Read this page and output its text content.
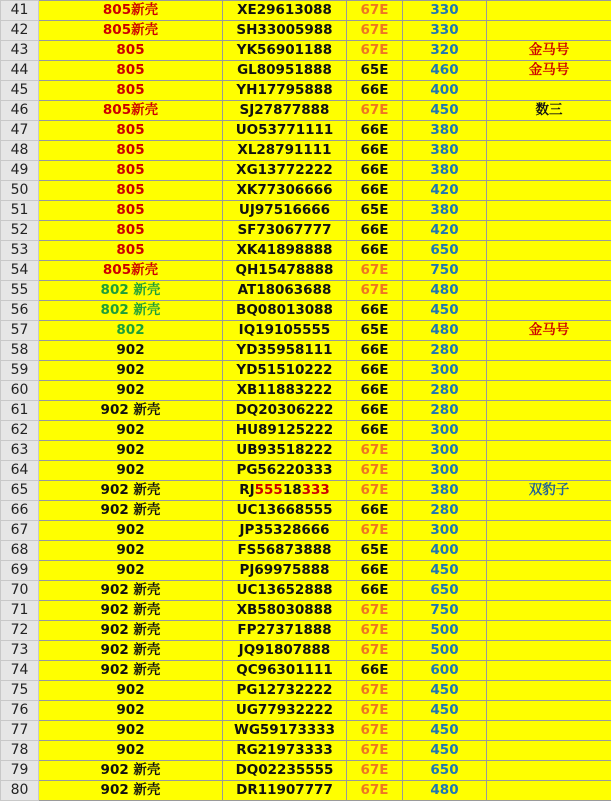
41	805新壳	XE29613088	67E	330	
42	805新壳	SH33005988	67E	330	
43	805	YK56901188	67E	320	金马号
44	805	GL80951888	65E	460	金马号
45	805	YH17795888	66E	400	
46	805新壳	SJ27877888	67E	450	数三
47	805	UO53771111	66E	380	
48	805	XL28791111	66E	380	
49	805	XG13772222	66E	380	
50	805	XK77306666	66E	420	
51	805	UJ97516666	65E	380	
52	805	SF73067777	66E	420	
53	805	XK41898888	66E	650	
54	805新壳	QH15478888	67E	750	
55	802 新壳	AT18063688	67E	480	
56	802 新壳	BQ08013088	66E	450	
57	802	IQ19105555	65E	480	金马号
58	902	YD35958111	66E	280	
59	902	YD51510222	66E	300	
60	902	XB11883222	66E	280	
61	902 新壳	DQ20306222	66E	280	
62	902	HU89125222	66E	300	
63	902	UB93518222	67E	300	
64	902	PG56220333	67E	300	
65	902 新壳	RJ55518333	67E	380	双豹子
66	902 新壳	UC13668555	66E	280	
67	902	JP35328666	67E	300	
68	902	FS56873888	65E	400	
69	902	PJ69975888	66E	450	
70	902 新壳	UC13652888	66E	650	
71	902 新壳	XB58030888	67E	750	
72	902 新壳	FP27371888	67E	500	
73	902 新壳	JQ91807888	67E	500	
74	902 新壳	QC96301111	66E	600	
75	902	PG12732222	67E	450	
76	902	UG77932222	67E	450	
77	902	WG59173333	67E	450	
78	902	RG21973333	67E	450	
79	902 新壳	DQ02235555	67E	650	
80	902 新壳	DR11907777	67E	480	
